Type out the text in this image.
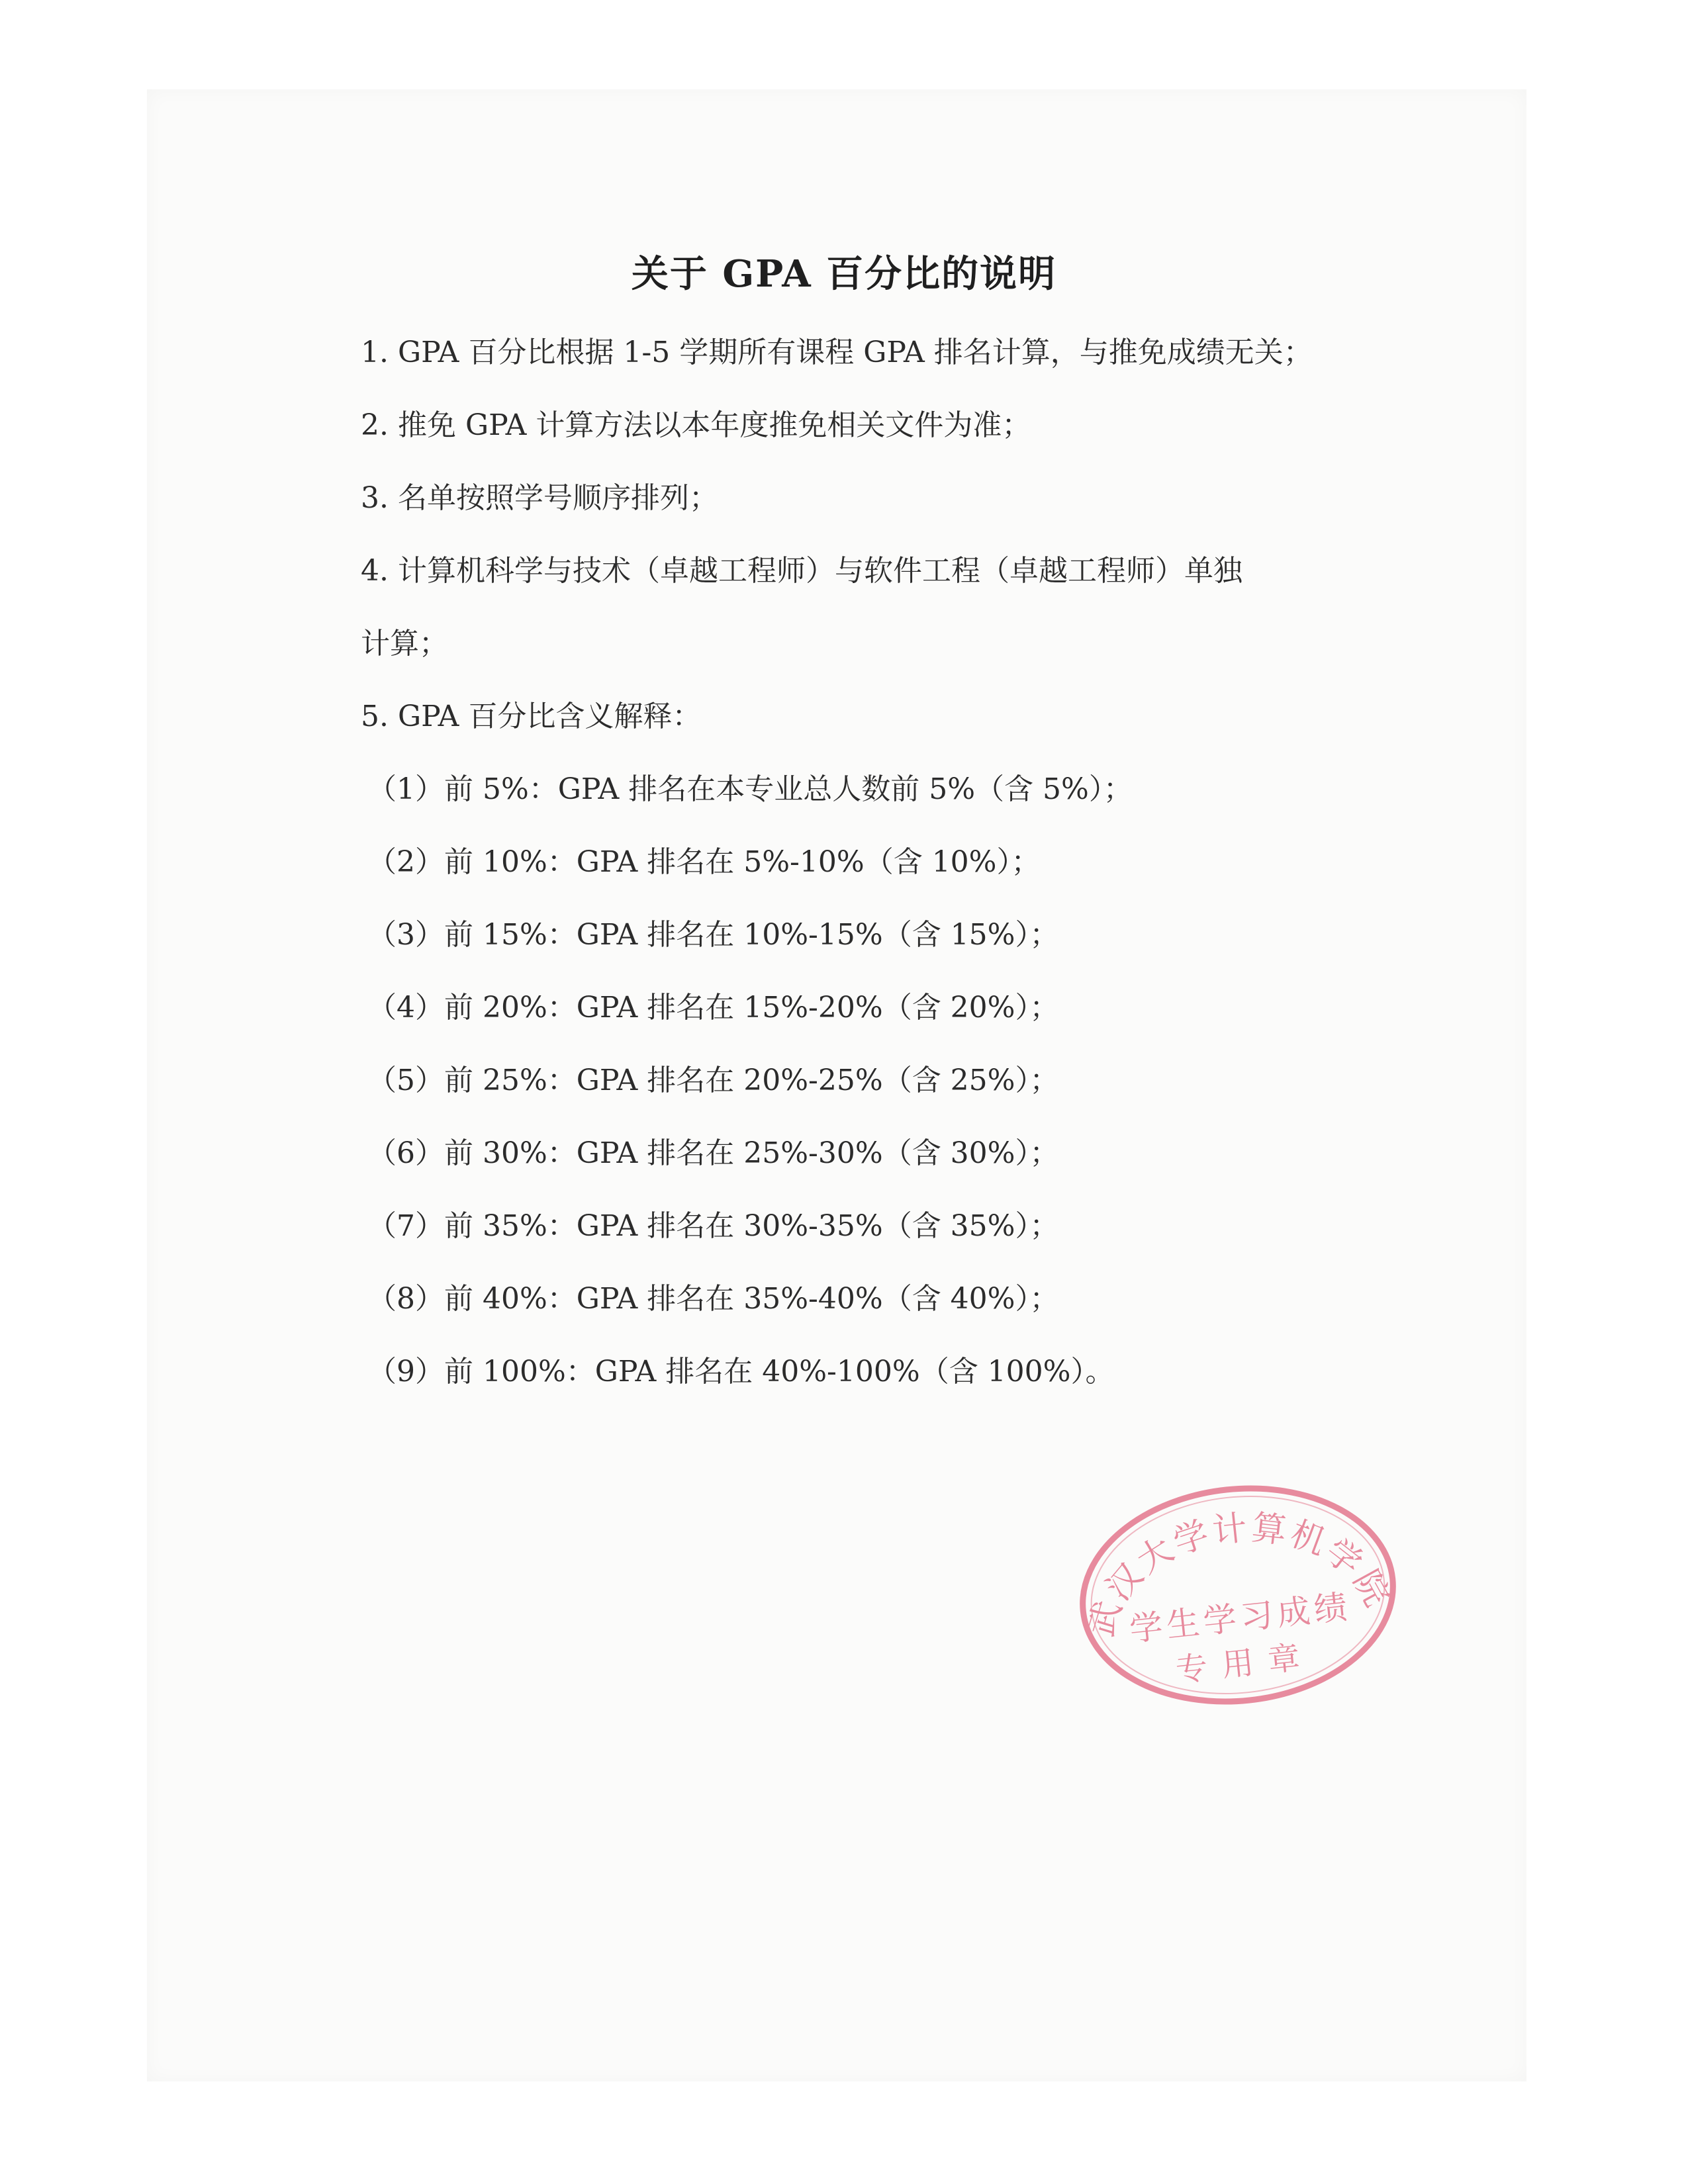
关于 GPA 百分比的说明
1. GPA 百分比根据 1-5 学期所有课程 GPA 排名计算，与推免成绩无关；
2. 推免 GPA 计算方法以本年度推免相关文件为准；
3. 名单按照学号顺序排列；
4. 计算机科学与技术（卓越工程师）与软件工程（卓越工程师）单独
计算；
5. GPA 百分比含义解释：
（1）前 5%：GPA 排名在本专业总人数前 5%（含 5%）；
（2）前 10%：GPA 排名在 5%-10%（含 10%）；
（3）前 15%：GPA 排名在 10%-15%（含 15%）；
（4）前 20%：GPA 排名在 15%-20%（含 20%）；
（5）前 25%：GPA 排名在 20%-25%（含 25%）；
（6）前 30%：GPA 排名在 25%-30%（含 30%）；
（7）前 35%：GPA 排名在 30%-35%（含 35%）；
（8）前 40%：GPA 排名在 35%-40%（含 40%）；
（9）前 100%：GPA 排名在 40%-100%（含 100%）。
武汉大学计算机学院
学生学习成绩
专用章
